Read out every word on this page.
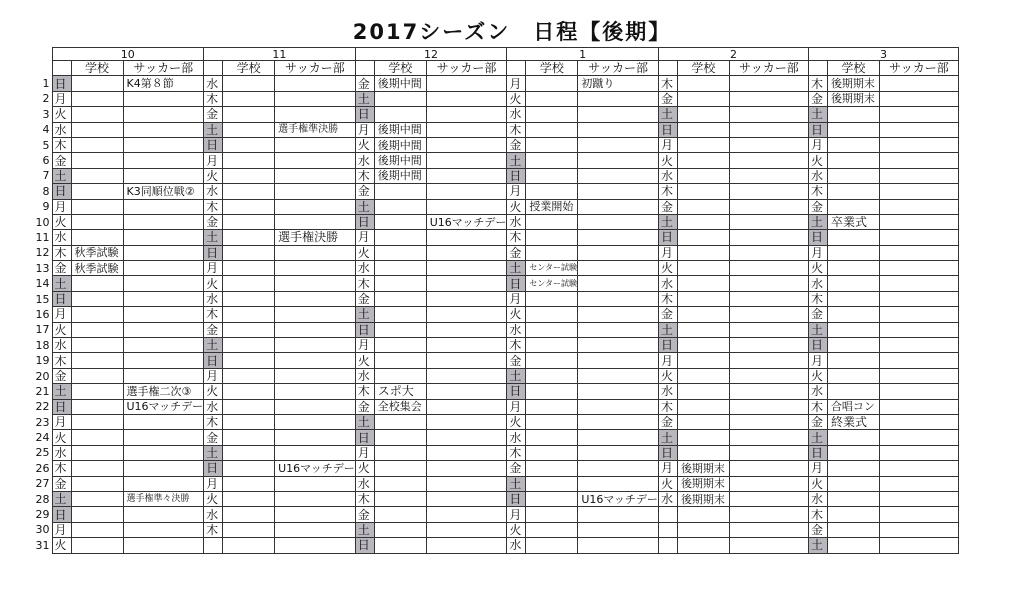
2017シーズン　日程【後期】
	10			11			12			1			2			3		
		学校	サッカー部		学校	サッカー部		学校	サッカー部		学校	サッカー部		学校	サッカー部		学校	サッカー部
1	日		K4第８節	水			金	後期中間		月		初蹴り	木			木	後期期末	
2	月			木			土			火			金			金	後期期末	
3	火			金			日			水			土			土		
4	水			土		選手権準決勝	月	後期中間		木			日			日		
5	木			日			火	後期中間		金			月			月		
6	金			月			水	後期中間		土			火			火		
7	土			火			木	後期中間		日			水			水		
8	日		K3同順位戦②	水			金			月			木			木		
9	月			木			土			火	授業開始		金			金		
10	火			金			日		U16マッチデー	水			土			土	卒業式	
11	水			土		選手権決勝	月			木			日			日		
12	木	秋季試験		日			火			金			月			月		
13	金	秋季試験		月			水			土	センター試験		火			火		
14	土			火			木			日	センター試験		水			水		
15	日			水			金			月			木			木		
16	月			木			土			火			金			金		
17	火			金			日			水			土			土		
18	水			土			月			木			日			日		
19	木			日			火			金			月			月		
20	金			月			水			土			火			火		
21	土		選手権二次③	火			木	スポ大		日			水			水		
22	日		U16マッチデー	水			金	全校集会		月			木			木	合唱コン	
23	月			木			土			火			金			金	終業式	
24	火			金			日			水			土			土		
25	水			土			月			木			日			日		
26	木			日		U16マッチデー	火			金			月	後期期末		月		
27	金			月			水			土			火	後期期末		火		
28	土		選手権準々決勝	火			木			日		U16マッチデー	水	後期期末		水		
29	日			水			金			月						木		
30	月			木			土			火						金		
31	火						日			水						土		
